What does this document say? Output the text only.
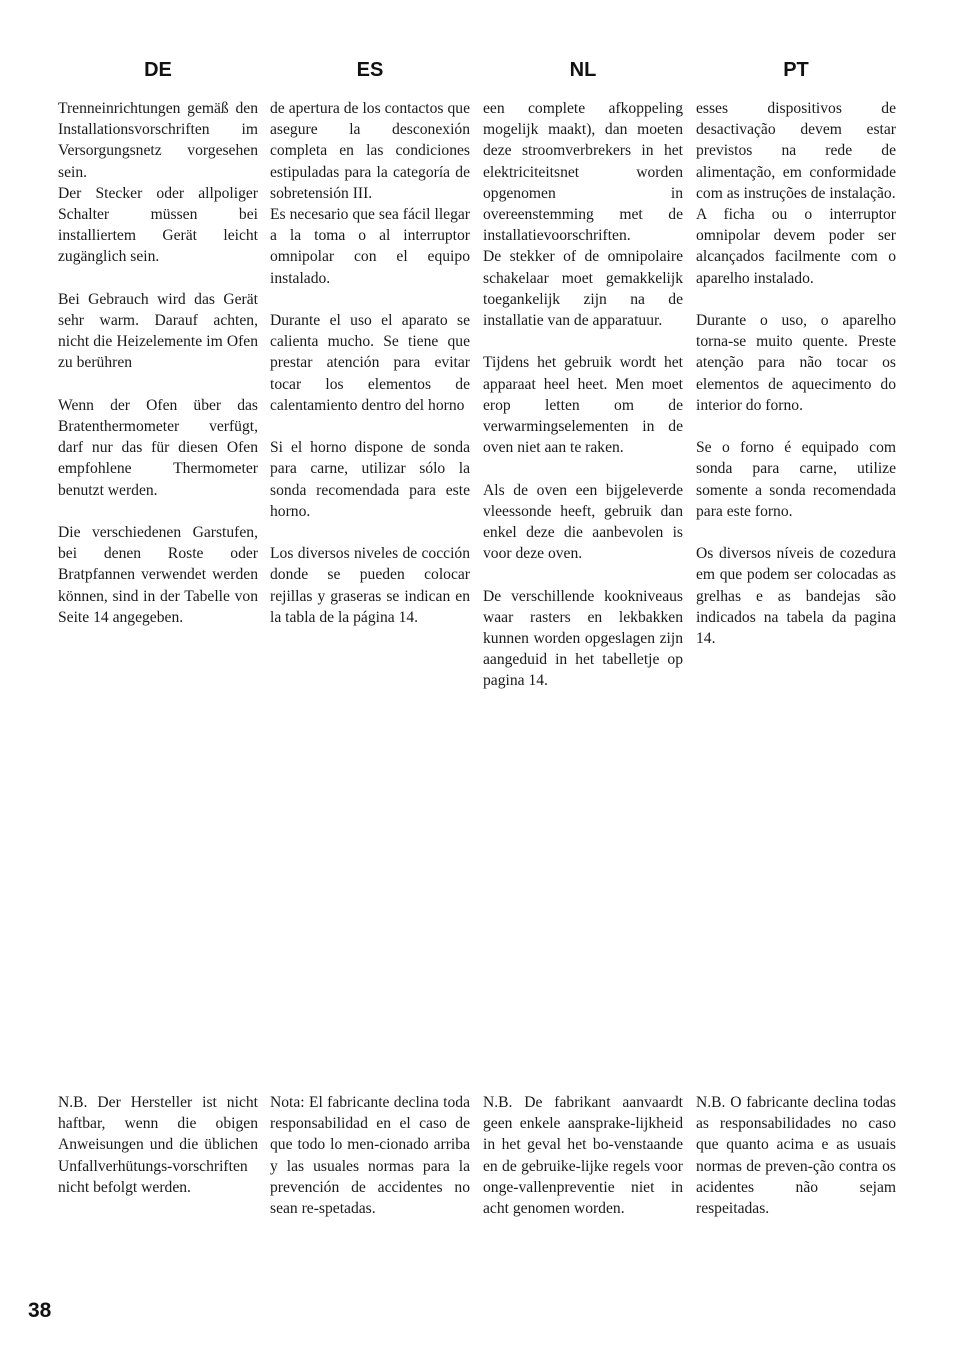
DE	ES	NL	PT

Trenneinrichtungen gemäß den Installationsvorschriften im Versorgungsnetz vorgesehen sein.
Der Stecker oder allpoliger Schalter müssen bei installiertem Gerät leicht zugänglich sein.

Bei Gebrauch wird das Gerät sehr warm. Darauf achten, nicht die Heizelemente im Ofen zu berühren

Wenn der Ofen über das Bratenthermometer verfügt, darf nur das für diesen Ofen empfohlene Thermometer benutzt werden.

Die verschiedenen Garstufen, bei denen Roste oder Bratpfannen verwendet werden können, sind in der Tabelle von Seite 14 angegeben.

de apertura de los contactos que asegure la desconexión completa en las condiciones estipuladas para la categoría de sobretensión III.
Es necesario que sea fácil llegar a la toma o al interruptor omnipolar con el equipo instalado.

Durante el uso el aparato se calienta mucho. Se tiene que prestar atención para evitar tocar los elementos de calentamiento dentro del horno

Si el horno dispone de sonda para carne, utilizar sólo la sonda recomendada para este horno.

Los diversos niveles de cocción donde se pueden colocar rejillas y graseras se indican en la tabla de la página 14.

een complete afkoppeling mogelijk maakt), dan moeten deze stroomverbrekers in het elektriciteitsnet worden opgenomen in overeenstemming met de installatievoorschriften.
De stekker of de omnipolaire schakelaar moet gemakkelijk toegankelijk zijn na de installatie van de apparatuur.

Tijdens het gebruik wordt het apparaat heel heet. Men moet erop letten om de verwarmingselementen in de oven niet aan te raken.

Als de oven een bijgeleverde vleessonde heeft, gebruik dan enkel deze die aanbevolen is voor deze oven.

De verschillende kookniveaus waar rasters en lekbakken kunnen worden opgeslagen zijn aangeduid in het tabelletje op pagina 14.

esses dispositivos de desactivação devem estar previstos na rede de alimentação, em conformidade com as instruções de instalação.
A ficha ou o interruptor omnipolar devem poder ser alcançados facilmente com o aparelho instalado.

Durante o uso, o aparelho torna-se muito quente. Preste atenção para não tocar os elementos de aquecimento do interior do forno.

Se o forno é equipado com sonda para carne, utilize somente a sonda recomendada para este forno.

Os diversos níveis de cozedura em que podem ser colocadas as grelhas e as bandejas são indicados na tabela da pagina 14.

N.B. Der Hersteller ist nicht haftbar, wenn die obigen Anweisungen und die üblichen Unfallverhütungs-vorschriften nicht befolgt werden.

Nota: El fabricante declina toda responsabilidad en el caso de que todo lo men-cionado arriba y las usuales normas para la prevención de accidentes no sean re-spetadas.

N.B. De fabrikant aanvaardt geen enkele aansprake-lijkheid in het geval het bo-venstaande en de gebruike-lijke regels voor onge-vallenpreventie niet in acht genomen worden.

N.B. O fabricante declina todas as responsabilidades no caso que quanto acima e as usuais normas de preven-ção contra os acidentes não sejam respeitadas.

38
